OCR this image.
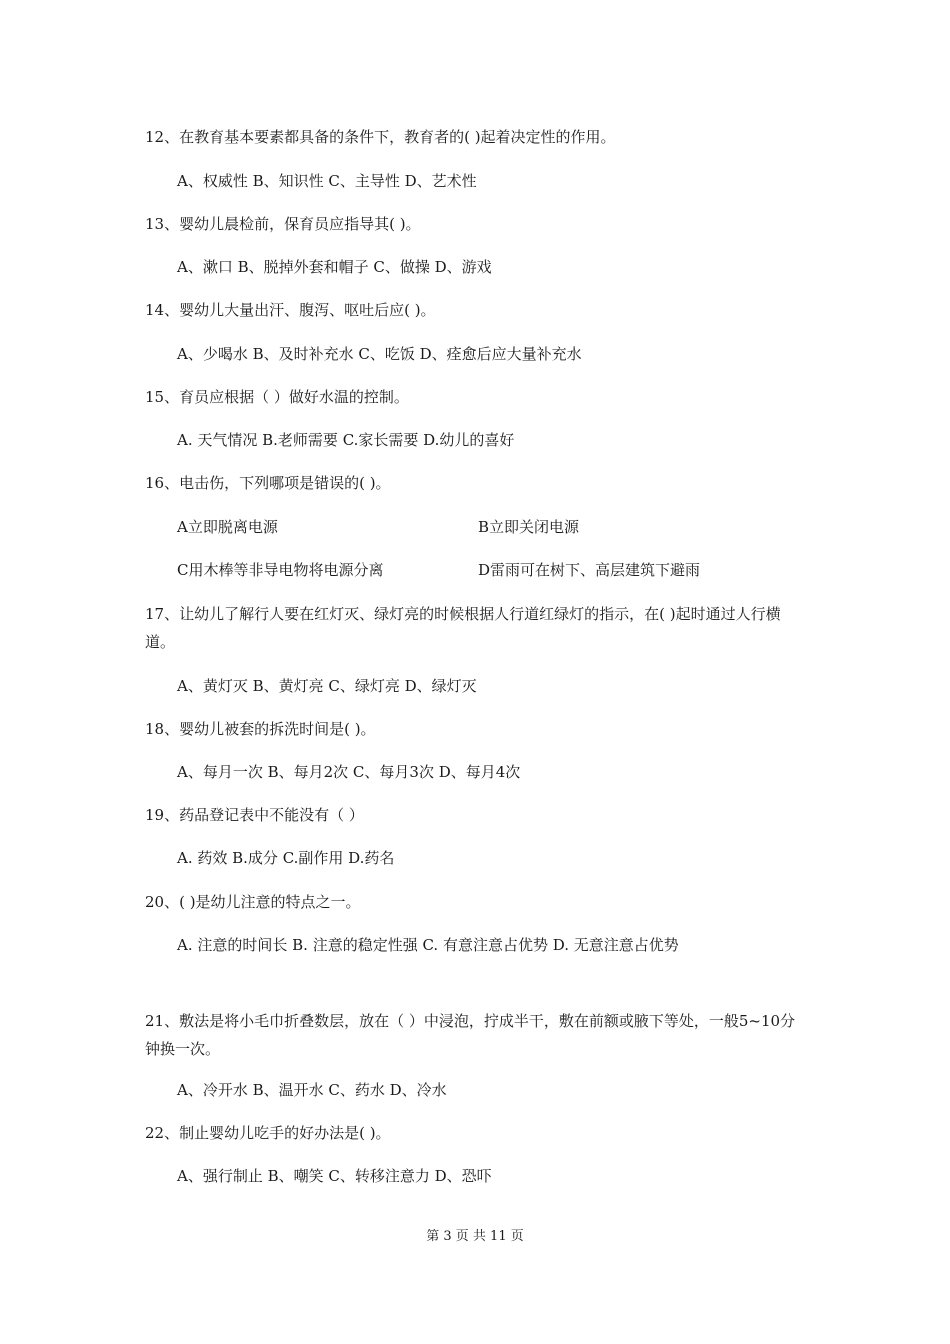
12、在教育基本要素都具备的条件下，教育者的( )起着决定性的作用。
A、权威性 B、知识性 C、主导性 D、艺术性
13、婴幼儿晨检前，保育员应指导其( )。
A、漱口 B、脱掉外套和帽子 C、做操 D、游戏
14、婴幼儿大量出汗、腹泻、呕吐后应( )。
A、少喝水 B、及时补充水 C、吃饭 D、痊愈后应大量补充水
15、育员应根据（ ）做好水温的控制。
A. 天气情况 B.老师需要 C.家长需要 D.幼儿的喜好
16、电击伤，下列哪项是错误的( )。
A立即脱离电源	B立即关闭电源
C用木棒等非导电物将电源分离	D雷雨可在树下、高层建筑下避雨
17、让幼儿了解行人要在红灯灭、绿灯亮的时候根据人行道红绿灯的指示，在( )起时通过人行横道。
A、黄灯灭 B、黄灯亮 C、绿灯亮 D、绿灯灭
18、婴幼儿被套的拆洗时间是( )。
A、每月一次 B、每月2次 C、每月3次 D、每月4次
19、药品登记表中不能没有（ ）
A. 药效 B.成分 C.副作用 D.药名
20、( )是幼儿注意的特点之一。
A. 注意的时间长 B. 注意的稳定性强 C. 有意注意占优势 D. 无意注意占优势
21、敷法是将小毛巾折叠数层，放在（ ）中浸泡，拧成半干，敷在前额或腋下等处，一般5~10分钟换一次。
A、冷开水 B、温开水 C、药水 D、冷水
22、制止婴幼儿吃手的好办法是( )。
A、强行制止 B、嘲笑 C、转移注意力 D、恐吓
第 3 页 共 11 页
